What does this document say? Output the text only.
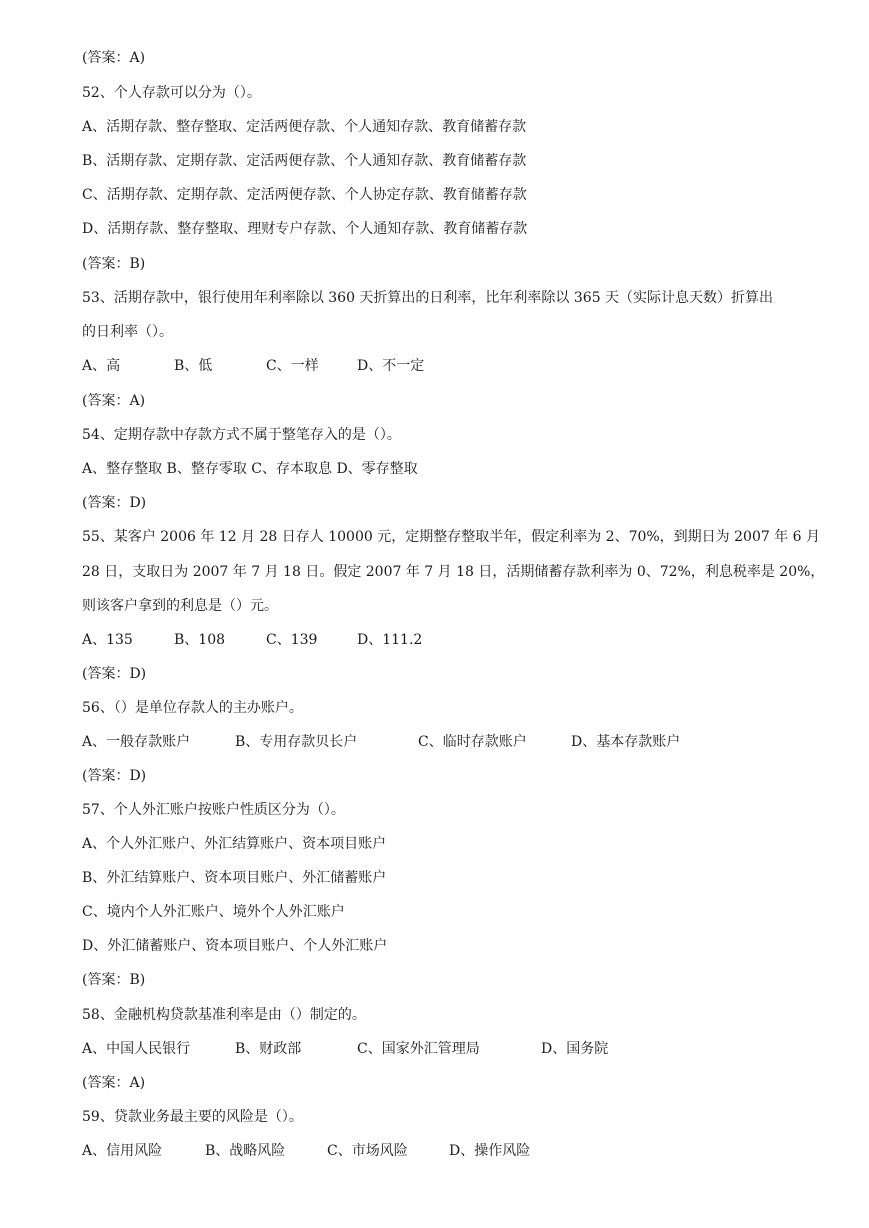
(答案：A)
52、个人存款可以分为（）。
A、活期存款、整存整取、定活两便存款、个人通知存款、教育储蓄存款
B、活期存款、定期存款、定活两便存款、个人通知存款、教育储蓄存款
C、活期存款、定期存款、定活两便存款、个人协定存款、教育储蓄存款
D、活期存款、整存整取、理财专户存款、个人通知存款、教育储蓄存款
(答案：B)
53、活期存款中，银行使用年利率除以 360 天折算出的日利率，比年利率除以 365 天（实际计息天数）折算出
的日利率（）。
A、高	B、低	C、一样	D、不一定
(答案：A)
54、定期存款中存款方式不属于整笔存入的是（）。
A、整存整取 B、整存零取 C、存本取息 D、零存整取
(答案：D)
55、某客户 2006 年 12 月 28 日存人 10000 元，定期整存整取半年，假定利率为 2、70%，到期日为 2007 年 6 月
28 日，支取日为 2007 年 7 月 18 日。假定 2007 年 7 月 18 日，活期储蓄存款利率为 0、72%，利息税率是 20%，
则该客户拿到的利息是（）元。
A、135	B、108	C、139	D、111.2
(答案：D)
56、（）是单位存款人的主办账户。
A、一般存款账户	B、专用存款贝长户	C、临时存款账户	D、基本存款账户
(答案：D)
57、个人外汇账户按账户性质区分为（）。
A、个人外汇账户、外汇结算账户、资本项目账户
B、外汇结算账户、资本项目账户、外汇储蓄账户
C、境内个人外汇账户、境外个人外汇账户
D、外汇储蓄账户、资本项目账户、个人外汇账户
(答案：B)
58、金融机构贷款基准利率是由（）制定的。
A、中国人民银行	B、财政部	C、国家外汇管理局	D、国务院
(答案：A)
59、贷款业务最主要的风险是（）。
A、信用风险	B、战略风险	C、市场风险	D、操作风险
